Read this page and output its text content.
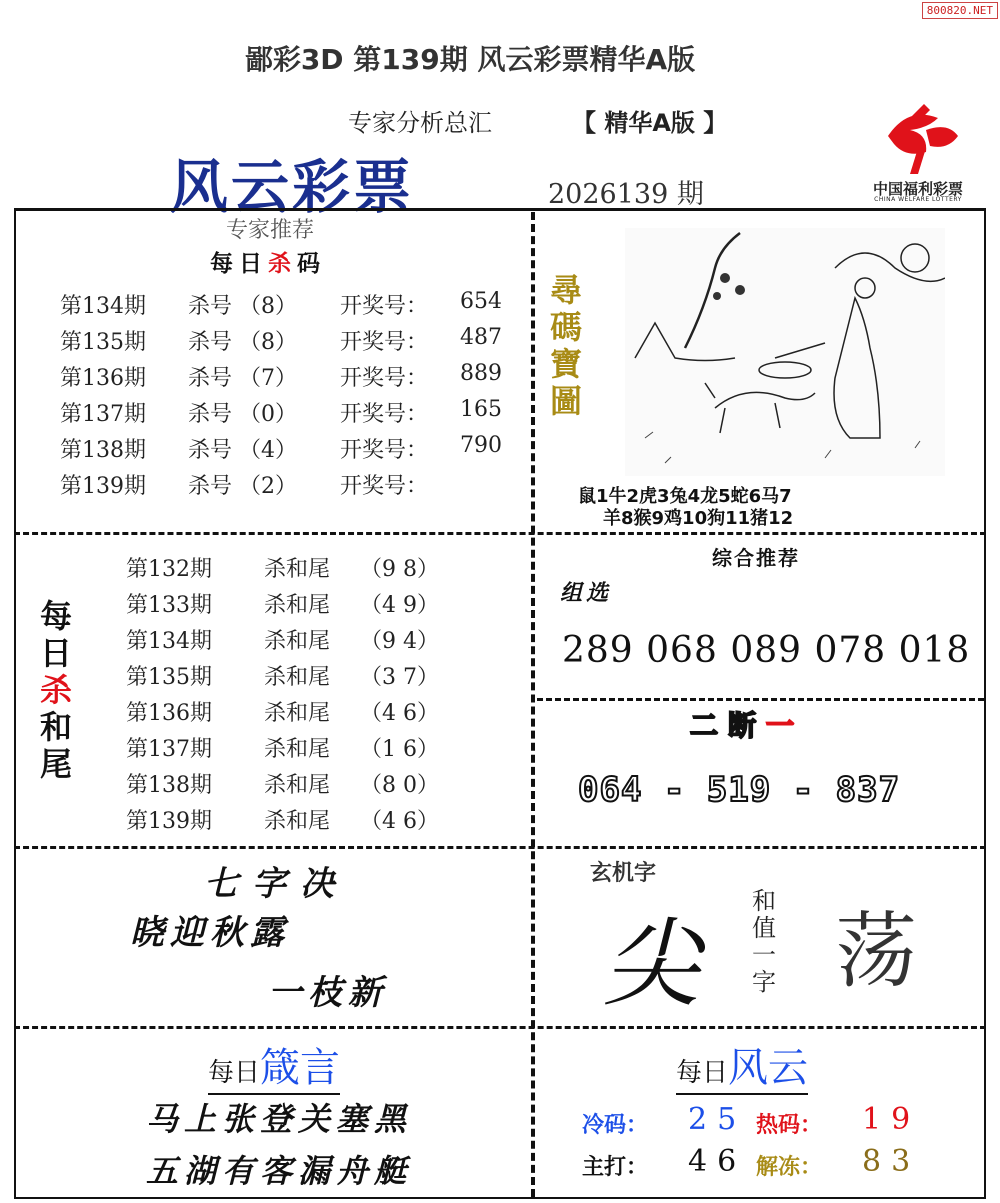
800820.NET
鄙彩3D 第139期 风云彩票精华A版
专家分析总汇	【 精华A版 】
风云彩票	2026139 期	中国福利彩票
CHINA WELFARE LOTTERY
专家推荐
每日杀码
第134期 杀号 （8） 开奖号： 654
第135期 杀号 （8） 开奖号： 487
第136期 杀号 （7） 开奖号： 889
第137期 杀号 （0） 开奖号： 165
第138期 杀号 （4） 开奖号： 790
第139期 杀号 （2） 开奖号：
尋
碼
寶
圖
鼠1牛2虎3兔4龙5蛇6马7
羊8猴9鸡10狗11猪12
每
日
杀
和
尾
第132期 杀和尾 （9 8）
第133期 杀和尾 （4 9）
第134期 杀和尾 （9 4）
第135期 杀和尾 （3 7）
第136期 杀和尾 （4 6）
第137期 杀和尾 （1 6）
第138期 杀和尾 （8 0）
第139期 杀和尾 （4 6）
综合推荐
组选
289 068 089 078 018
二断一
064 - 519 - 837
七字决
晓迎秋露
一枝新
玄机字
尖
和
值
一
字 荡
每日箴言
马上张登关塞黑
五湖有客漏舟艇
每日风云
冷码： 25 热码： 19
主打： 46 解冻： 83
